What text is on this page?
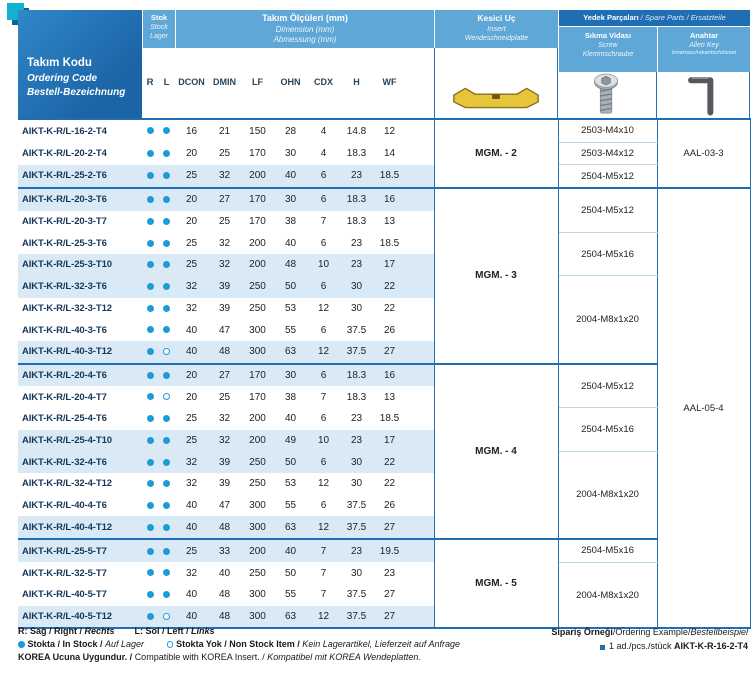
Takım Kodu
Ordering Code
Bestell-Bezeichnung
Stok
Stock
Lager
Takım Ölçüleri (mm)
Dimension (mm)
Abmessung (mm)
Kesici Uç
Insert
Wendeschneidplatte
Yedek Parçaları / Spare Parts / Ersatzteile
Sıkma Vidası
Screw
Klemmschraube
Anahtar
Allen Key
Innensechskantschlüssel
R	L DCON DMIN	LF	OHN	CDX	H	WF
AIKT-K-R/L-16-2-T4			16	21	150	28	4	14.8	12		MGM. - 2	2503-M4x10	AAL-03-3
AIKT-K-R/L-20-2-T4			20	25	170	30	4	18.3	14			2503-M4x12	
AIKT-K-R/L-25-2-T6			25	32	200	40	6	23	18.5			2504-M5x12	
AIKT-K-R/L-20-3-T6			20	27	170	30	6	18.3	16		MGM. - 3	2504-M5x12	AAL-05-4
AIKT-K-R/L-20-3-T7			20	25	170	38	7	18.3	13				
AIKT-K-R/L-25-3-T6			25	32	200	40	6	23	18.5			2504-M5x16	
AIKT-K-R/L-25-3-T10			25	32	200	48	10	23	17				
AIKT-K-R/L-32-3-T6			32	39	250	50	6	30	22			2004-M8x1x20	
AIKT-K-R/L-32-3-T12			32	39	250	53	12	30	22				
AIKT-K-R/L-40-3-T6			40	47	300	55	6	37.5	26				
AIKT-K-R/L-40-3-T12			40	48	300	63	12	37.5	27				
AIKT-K-R/L-20-4-T6			20	27	170	30	6	18.3	16		MGM. - 4	2504-M5x12	
AIKT-K-R/L-20-4-T7			20	25	170	38	7	18.3	13				
AIKT-K-R/L-25-4-T6			25	32	200	40	6	23	18.5			2504-M5x16	
AIKT-K-R/L-25-4-T10			25	32	200	49	10	23	17				
AIKT-K-R/L-32-4-T6			32	39	250	50	6	30	22			2004-M8x1x20	
AIKT-K-R/L-32-4-T12			32	39	250	53	12	30	22				
AIKT-K-R/L-40-4-T6			40	47	300	55	6	37.5	26				
AIKT-K-R/L-40-4-T12			40	48	300	63	12	37.5	27				
AIKT-K-R/L-25-5-T7			25	33	200	40	7	23	19.5		MGM. - 5	2504-M5x16	
AIKT-K-R/L-32-5-T7			32	40	250	50	7	30	23			2004-M8x1x20	
AIKT-K-R/L-40-5-T7			40	48	300	55	7	37.5	27				
AIKT-K-R/L-40-5-T12			40	48	300	63	12	37.5	27				
R: Sağ / Right / Rechts L: Sol / Left / Links
Stokta / In Stock / Auf Lager	Stokta Yok / Non Stock Item / Kein Lagerartikel, Lieferzeit auf Anfrage
KOREA Ucuna Uygundur. / Compatible with KOREA Insert. / Kompatibel mit KOREA Wendeplatten.
Sipariş Örneği/Ordering Example/Bestellbeispiel
1 ad./pcs./stück AIKT-K-R-16-2-T4
